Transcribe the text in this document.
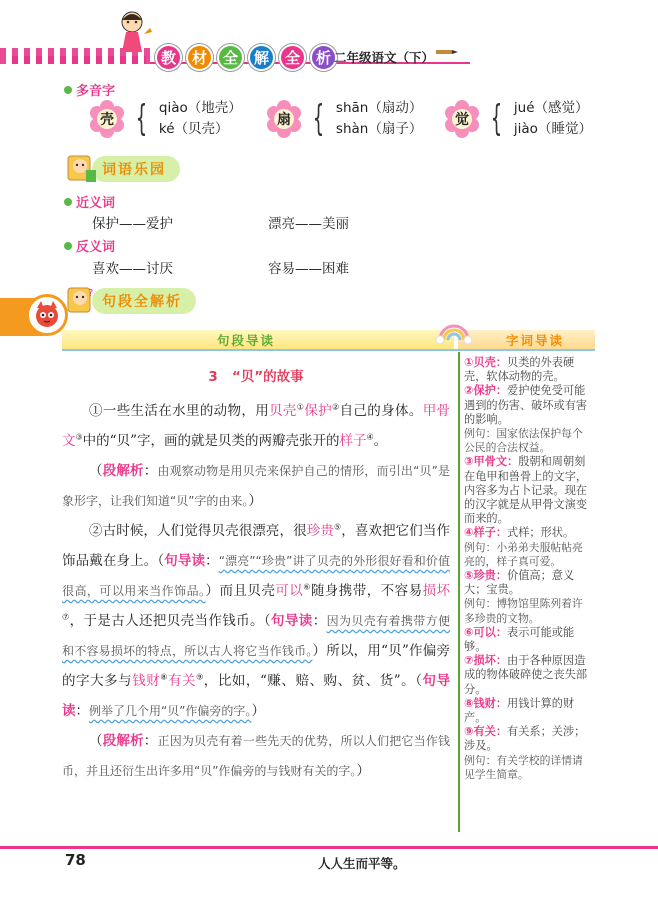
教	材	全	解	全	析 二年级语文（下）
多音字
壳 { qiào（地壳）
ké（贝壳）
扇 { shān（扇动）
shàn（扇子）
觉 { jué（感觉）
jiào（睡觉）
词语乐园
近义词
保护——爱护	漂亮——美丽
反义词
喜欢——讨厌	容易——困难
?
句段全解析
句段导读	字词导读
3 “贝”的故事

①一些生活在水里的动物，用贝壳①保护②自己的身体。甲骨文③中的“贝”字，画的就是贝类的两瓣壳张开的样子④。

（段解析：由观察动物是用贝壳来保护自己的情形，而引出“贝”是象形字，让我们知道“贝”字的由来。）

②古时候，人们觉得贝壳很漂亮，很珍贵⑤，喜欢把它们当作饰品戴在身上。（句导读：“漂亮”“珍贵”讲了贝壳的外形很好看和价值很高，可以用来当作饰品。）而且贝壳可以⑥随身携带，不容易损坏⑦，于是古人还把贝壳当作钱币。（句导读：因为贝壳有着携带方便和不容易损坏的特点，所以古人将它当作钱币。）所以，用“贝”作偏旁的字大多与钱财⑧有关⑨，比如，“赚、赔、购、贫、货”。（句导读：例举了几个用“贝”作偏旁的字。）

（段解析：正因为贝壳有着一些先天的优势，所以人们把它当作钱币，并且还衍生出许多用“贝”作偏旁的与钱财有关的字。）

①贝壳：贝类的外表硬壳，软体动物的壳。

②保护：爱护使免受可能遇到的伤害、破坏或有害的影响。

例句：国家依法保护每个公民的合法权益。

③甲骨文：殷朝和周朝刻在龟甲和兽骨上的文字，内容多为占卜记录。现在的汉字就是从甲骨文演变而来的。

④样子：式样；形状。

例句：小弟弟夫服帖帖亮亮的，样子真可爱。

⑤珍贵：价值高；意义大；宝贵。

例句：博物馆里陈列着许多珍贵的文物。

⑥可以：表示可能或能够。

⑦损坏：由于各种原因造成的物体破碎使之丧失部分。

⑧钱财：用钱计算的财产。

⑨有关：有关系；关涉；涉及。

例句：有关学校的详情请见学生简章。

78	人人生而平等。
